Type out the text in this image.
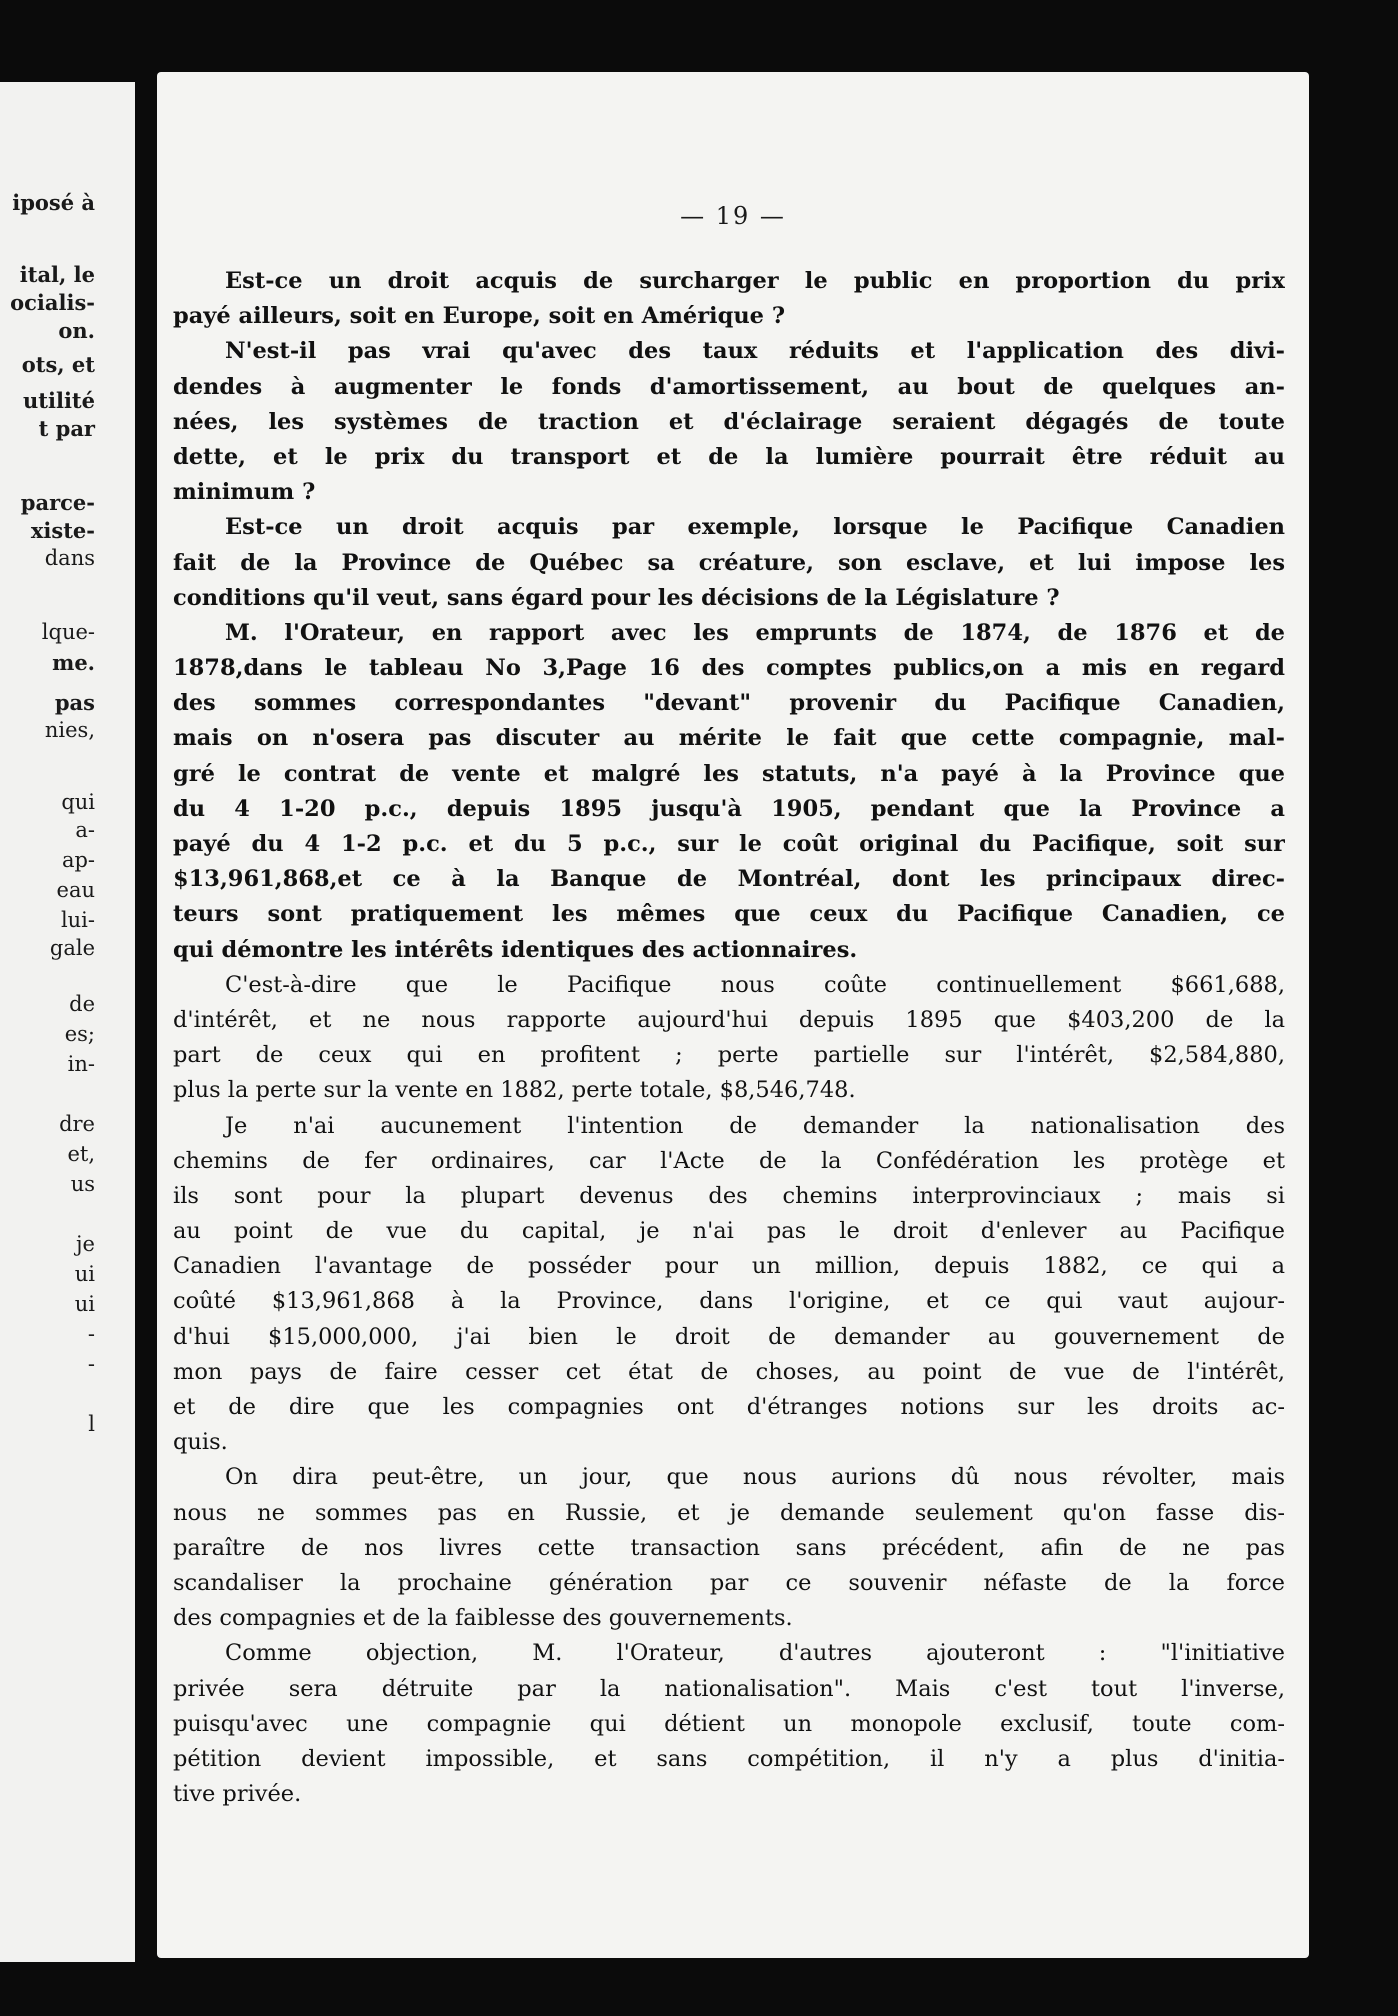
iposé à
ital, le
ocialis-
on.
ots, et
utilité
t par
parce-
xiste-
dans
lque-
me.
pas
nies,
qui
a-
ap-
eau
lui-
gale
de
es;
in-
dre
et,
us
je
ui
ui
-
-
l
— 19 —
Est-ce un droit acquis de surcharger le public en proportion du prix
payé ailleurs, soit en Europe, soit en Amérique ?
N'est-il pas vrai qu'avec des taux réduits et l'application des divi-
dendes à augmenter le fonds d'amortissement, au bout de quelques an-
nées, les systèmes de traction et d'éclairage seraient dégagés de toute
dette, et le prix du transport et de la lumière pourrait être réduit au
minimum ?
Est-ce un droit acquis par exemple, lorsque le Pacifique Canadien
fait de la Province de Québec sa créature, son esclave, et lui impose les
conditions qu'il veut, sans égard pour les décisions de la Législature ?
M. l'Orateur, en rapport avec les emprunts de 1874, de 1876 et de
1878,dans le tableau No 3,Page 16 des comptes publics,on a mis en regard
des sommes correspondantes "devant" provenir du Pacifique Canadien,
mais on n'osera pas discuter au mérite le fait que cette compagnie, mal-
gré le contrat de vente et malgré les statuts, n'a payé à la Province que
du 4 1-20 p.c., depuis 1895 jusqu'à 1905, pendant que la Province a
payé du 4 1-2 p.c. et du 5 p.c., sur le coût original du Pacifique, soit sur
$13,961,868,et ce à la Banque de Montréal, dont les principaux direc-
teurs sont pratiquement les mêmes que ceux du Pacifique Canadien, ce
qui démontre les intérêts identiques des actionnaires.
C'est-à-dire que le Pacifique nous coûte continuellement $661,688,
d'intérêt, et ne nous rapporte aujourd'hui depuis 1895 que $403,200 de la
part de ceux qui en profitent ; perte partielle sur l'intérêt, $2,584,880,
plus la perte sur la vente en 1882, perte totale, $8,546,748.
Je n'ai aucunement l'intention de demander la nationalisation des
chemins de fer ordinaires, car l'Acte de la Confédération les protège et
ils sont pour la plupart devenus des chemins interprovinciaux ; mais si
au point de vue du capital, je n'ai pas le droit d'enlever au Pacifique
Canadien l'avantage de posséder pour un million, depuis 1882, ce qui a
coûté $13,961,868 à la Province, dans l'origine, et ce qui vaut aujour-
d'hui $15,000,000, j'ai bien le droit de demander au gouvernement de
mon pays de faire cesser cet état de choses, au point de vue de l'intérêt,
et de dire que les compagnies ont d'étranges notions sur les droits ac-
quis.
On dira peut-être, un jour, que nous aurions dû nous révolter, mais
nous ne sommes pas en Russie, et je demande seulement qu'on fasse dis-
paraître de nos livres cette transaction sans précédent, afin de ne pas
scandaliser la prochaine génération par ce souvenir néfaste de la force
des compagnies et de la faiblesse des gouvernements.
Comme objection, M. l'Orateur, d'autres ajouteront : "l'initiative
privée sera détruite par la nationalisation". Mais c'est tout l'inverse,
puisqu'avec une compagnie qui détient un monopole exclusif, toute com-
pétition devient impossible, et sans compétition, il n'y a plus d'initia-
tive privée.
